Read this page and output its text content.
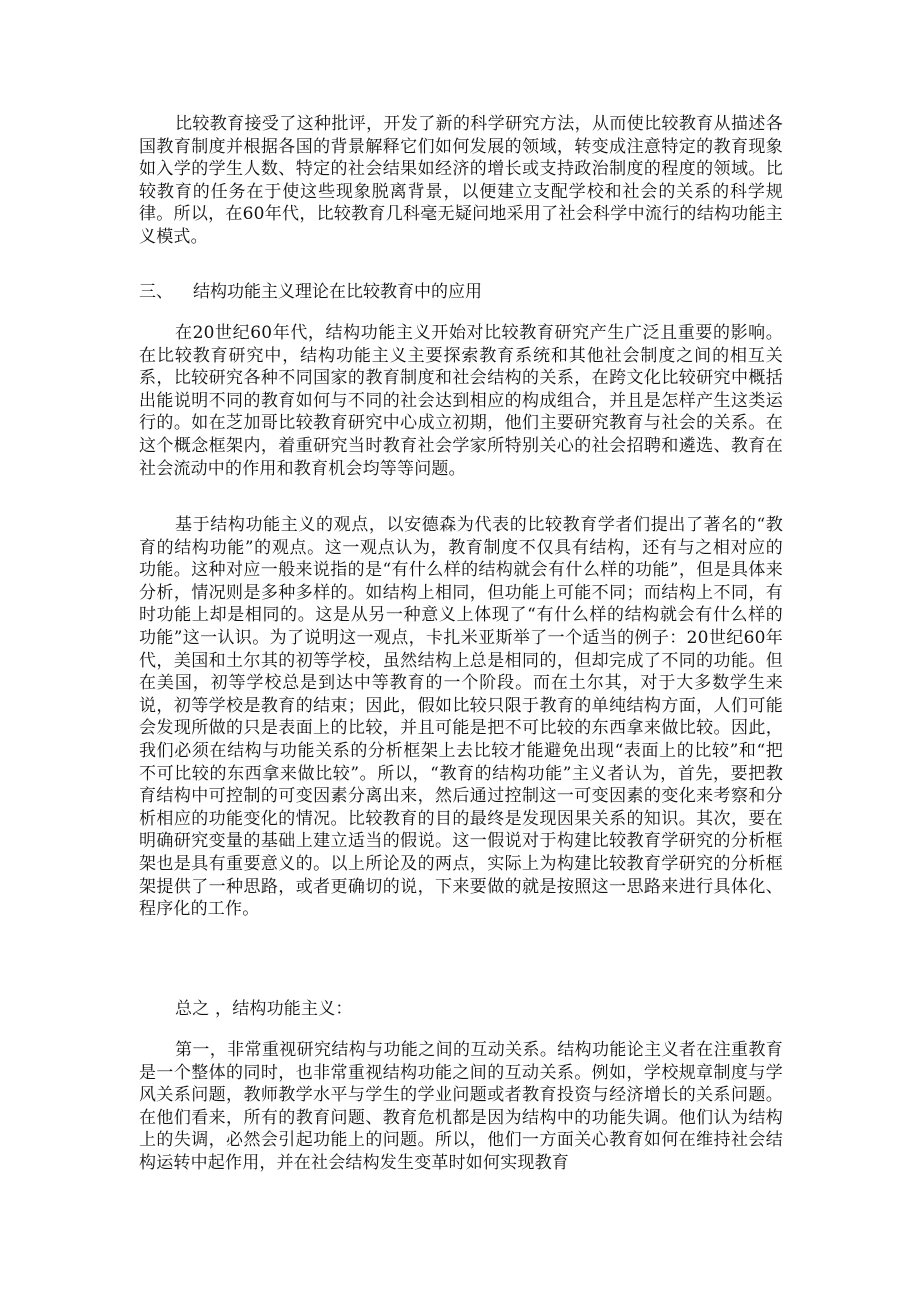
比较教育接受了这种批评，开发了新的科学研究方法，从而使比较教育从描述各国教育制度并根据各国的背景解释它们如何发展的领域，转变成注意特定的教育现象如入学的学生人数、特定的社会结果如经济的增长或支持政治制度的程度的领域。比较教育的任务在于使这些现象脱离背景，以便建立支配学校和社会的关系的科学规律。所以，在60年代，比较教育几科毫无疑问地采用了社会科学中流行的结构功能主义模式。

三、 结构功能主义理论在比较教育中的应用

在20世纪60年代，结构功能主义开始对比较教育研究产生广泛且重要的影响。在比较教育研究中，结构功能主义主要探索教育系统和其他社会制度之间的相互关系，比较研究各种不同国家的教育制度和社会结构的关系，在跨文化比较研究中概括出能说明不同的教育如何与不同的社会达到相应的构成组合，并且是怎样产生这类运行的。如在芝加哥比较教育研究中心成立初期，他们主要研究教育与社会的关系。在这个概念框架内，着重研究当时教育社会学家所特别关心的社会招聘和遴选、教育在社会流动中的作用和教育机会均等等问题。

基于结构功能主义的观点，以安德森为代表的比较教育学者们提出了著名的“教育的结构功能”的观点。这一观点认为，教育制度不仅具有结构，还有与之相对应的功能。这种对应一般来说指的是“有什么样的结构就会有什么样的功能”，但是具体来分析，情况则是多种多样的。如结构上相同，但功能上可能不同；而结构上不同，有时功能上却是相同的。这是从另一种意义上体现了“有什么样的结构就会有什么样的功能”这一认识。为了说明这一观点，卡扎米亚斯举了一个适当的例子：20世纪60年代，美国和土尔其的初等学校，虽然结构上总是相同的，但却完成了不同的功能。但在美国，初等学校总是到达中等教育的一个阶段。而在土尔其，对于大多数学生来说，初等学校是教育的结束；因此，假如比较只限于教育的单纯结构方面，人们可能会发现所做的只是表面上的比较，并且可能是把不可比较的东西拿来做比较。因此，我们必须在结构与功能关系的分析框架上去比较才能避免出现“表面上的比较”和“把不可比较的东西拿来做比较”。所以，“教育的结构功能”主义者认为，首先，要把教育结构中可控制的可变因素分离出来，然后通过控制这一可变因素的变化来考察和分析相应的功能变化的情况。比较教育的目的最终是发现因果关系的知识。其次，要在明确研究变量的基础上建立适当的假说。这一假说对于构建比较教育学研究的分析框架也是具有重要意义的。以上所论及的两点，实际上为构建比较教育学研究的分析框架提供了一种思路，或者更确切的说，下来要做的就是按照这一思路来进行具体化、程序化的工作。

总之 ，结构功能主义：

第一，非常重视研究结构与功能之间的互动关系。结构功能论主义者在注重教育是一个整体的同时，也非常重视结构功能之间的互动关系。例如，学校规章制度与学风关系问题，教师教学水平与学生的学业问题或者教育投资与经济增长的关系问题。在他们看来，所有的教育问题、教育危机都是因为结构中的功能失调。他们认为结构上的失调，必然会引起功能上的问题。所以，他们一方面关心教育如何在维持社会结构运转中起作用，并在社会结构发生变革时如何实现教育
